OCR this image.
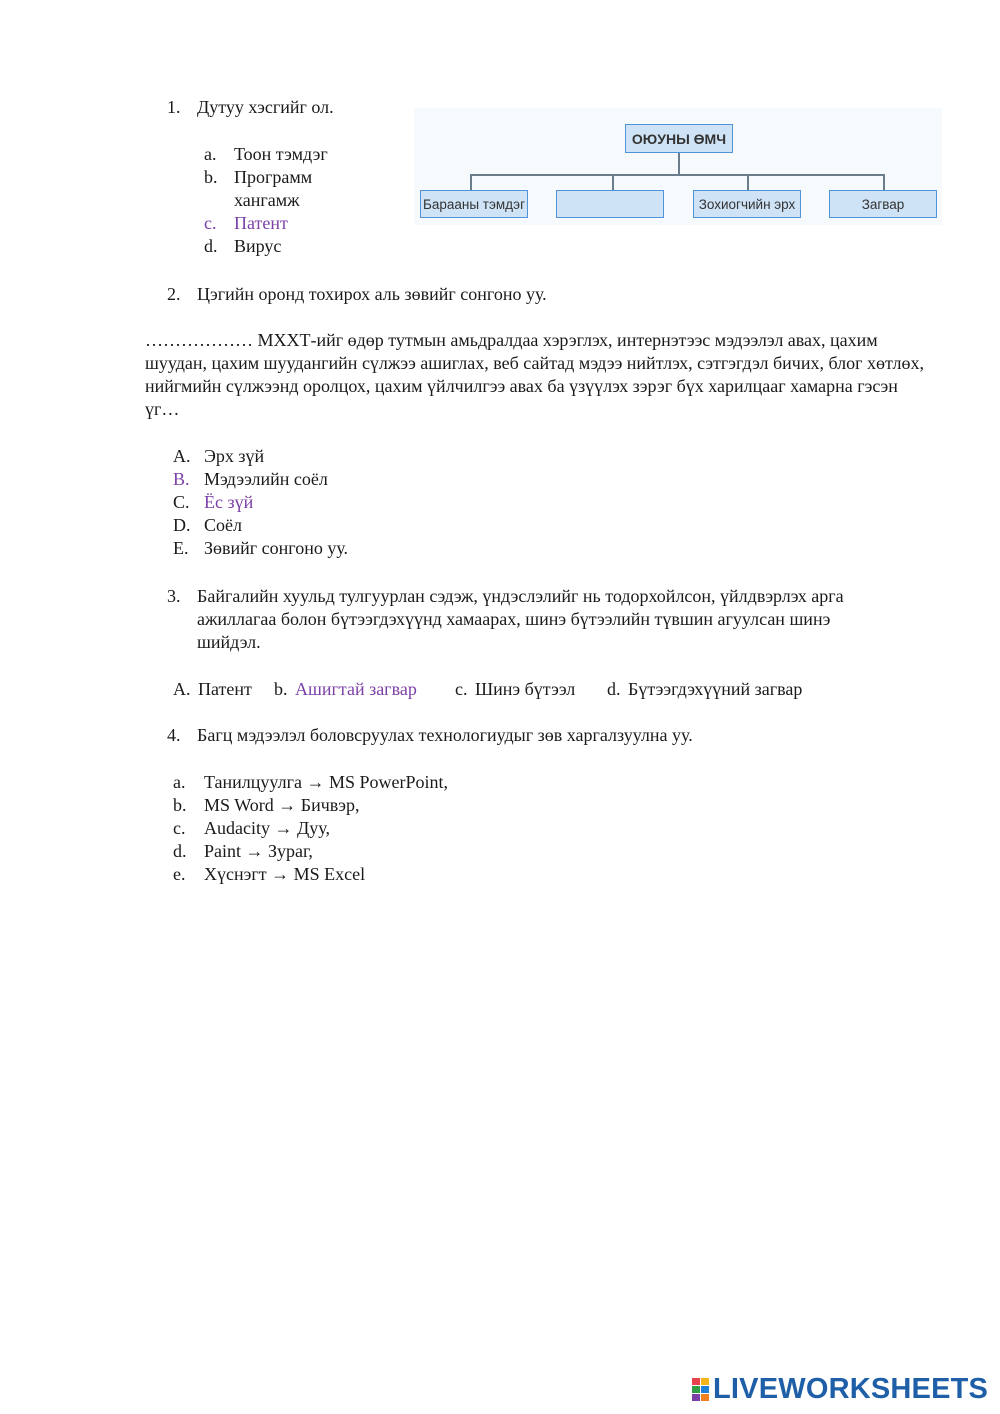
1. Дутуу хэсгийг ол.
a. Тоон тэмдэг
b. Программ
хангамж
c. Патент
d. Вирус
ОЮУНЫ ӨМЧ
Барааны тэмдэг	Зохиогчийн эрх	Загвар
2. Цэгийн оронд тохирох аль зөвийг сонгоно уу.
……………… МХХТ-ийг өдөр тутмын амьдралдаа хэрэглэх, интернэтээс мэдээлэл авах, цахим шуудан, цахим шуудангийн сүлжээ ашиглах, веб сайтад мэдээ нийтлэх, сэтгэгдэл бичих, блог хөтлөх, нийгмийн сүлжээнд оролцох, цахим үйлчилгээ авах ба үзүүлэх зэрэг бүх харилцааг хамарна гэсэн үг…
A. Эрх зүй
B. Мэдээлийн соёл
C. Ёс зүй
D. Соёл
E. Зөвийг сонгоно уу.
3. Байгалийн хуульд тулгуурлан сэдэж, үндэслэлийг нь тодорхойлсон, үйлдвэрлэх арга
ажиллагаа болон бүтээгдэхүүнд хамаарах, шинэ бүтээлийн түвшин агуулсан шинэ
шийдэл.
A. Патент b. Ашигтай загвар c. Шинэ бүтээл d. Бүтээгдэхүүний загвар
4. Багц мэдээлэл боловсруулах технологиудыг зөв харгалзуулна уу.
a. Танилцуулга → MS PowerPoint,
b. MS Word → Бичвэр,
c. Audacity → Дуу,
d. Paint → Зураг,
e. Хүснэгт → MS Excel
LIVEWORKSHEETS
